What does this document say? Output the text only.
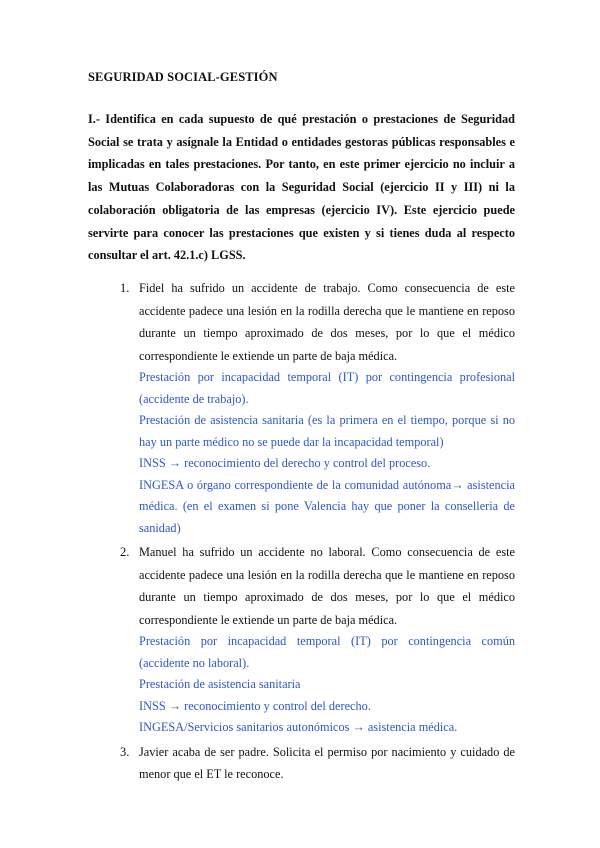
SEGURIDAD SOCIAL-GESTIÓN

I.- Identifica en cada supuesto de qué prestación o prestaciones de Seguridad Social se trata y asígnale la Entidad o entidades gestoras públicas responsables e implicadas en tales prestaciones. Por tanto, en este primer ejercicio no incluir a las Mutuas Colaboradoras con la Seguridad Social (ejercicio II y III) ni la colaboración obligatoria de las empresas (ejercicio IV). Este ejercicio puede servirte para conocer las prestaciones que existen y si tienes duda al respecto consultar el art. 42.1.c) LGSS.

1. Fidel ha sufrido un accidente de trabajo. Como consecuencia de este accidente padece una lesión en la rodilla derecha que le mantiene en reposo durante un tiempo aproximado de dos meses, por lo que el médico correspondiente le extiende un parte de baja médica.

Prestación por incapacidad temporal (IT) por contingencia profesional (accidente de trabajo).

Prestación de asistencia sanitaria (es la primera en el tiempo, porque si no hay un parte médico no se puede dar la incapacidad temporal)

INSS → reconocimiento del derecho y control del proceso.

INGESA o órgano correspondiente de la comunidad autónoma→ asistencia médica. (en el examen si pone Valencia hay que poner la conselleria de sanidad)

2. Manuel ha sufrido un accidente no laboral. Como consecuencia de este accidente padece una lesión en la rodilla derecha que le mantiene en reposo durante un tiempo aproximado de dos meses, por lo que el médico correspondiente le extiende un parte de baja médica.

Prestación por incapacidad temporal (IT) por contingencia común (accidente no laboral).

Prestación de asistencia sanitaria

INSS → reconocimiento y control del derecho.

INGESA/Servicios sanitarios autonómicos → asistencia médica.

3. Javier acaba de ser padre. Solicita el permiso por nacimiento y cuidado de menor que el ET le reconoce.
